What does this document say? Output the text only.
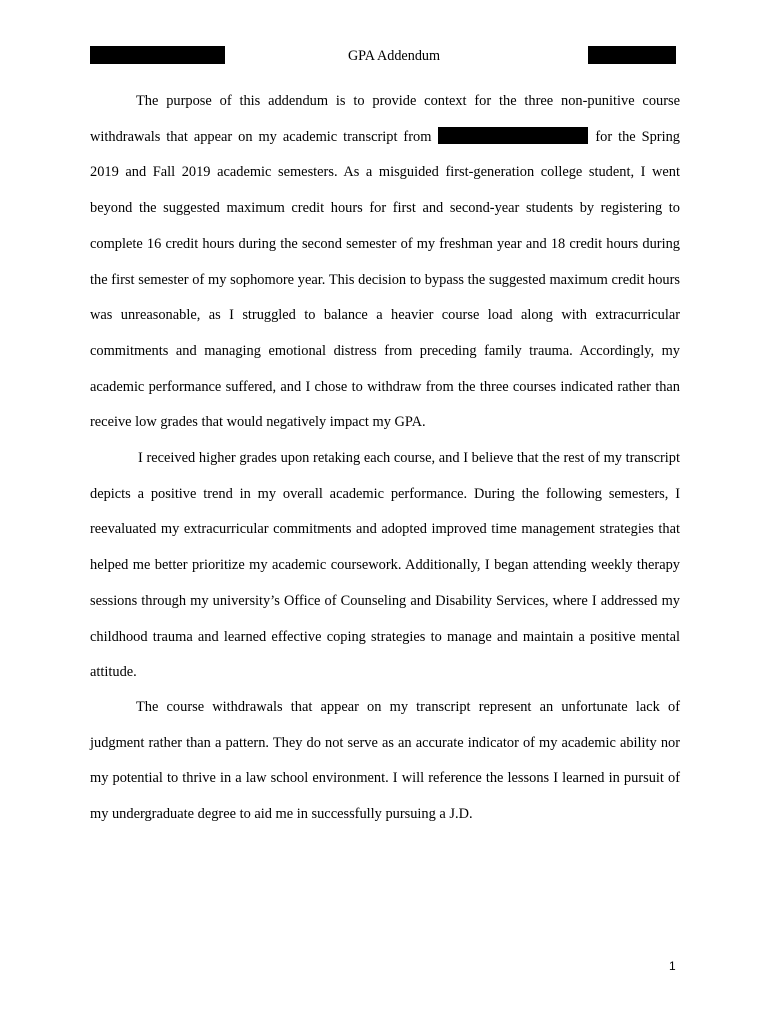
GPA Addendum

The purpose of this addendum is to provide context for the three non-punitive course withdrawals that appear on my academic transcript from	for the Spring 2019 and Fall 2019 academic semesters. As a misguided first-generation college student, I went beyond the suggested maximum credit hours for first and second-year students by registering to complete 16 credit hours during the second semester of my freshman year and 18 credit hours during the first semester of my sophomore year. This decision to bypass the suggested maximum credit hours was unreasonable, as I struggled to balance a heavier course load along with extracurricular commitments and managing emotional distress from preceding family trauma. Accordingly, my academic performance suffered, and I chose to withdraw from the three courses indicated rather than receive low grades that would negatively impact my GPA.

I received higher grades upon retaking each course, and I believe that the rest of my transcript depicts a positive trend in my overall academic performance. During the following semesters, I reevaluated my extracurricular commitments and adopted improved time management strategies that helped me better prioritize my academic coursework. Additionally, I began attending weekly therapy sessions through my university’s Office of Counseling and Disability Services, where I addressed my childhood trauma and learned effective coping strategies to manage and maintain a positive mental attitude.

The course withdrawals that appear on my transcript represent an unfortunate lack of judgment rather than a pattern. They do not serve as an accurate indicator of my academic ability nor my potential to thrive in a law school environment. I will reference the lessons I learned in pursuit of my undergraduate degree to aid me in successfully pursuing a J.D.

1
